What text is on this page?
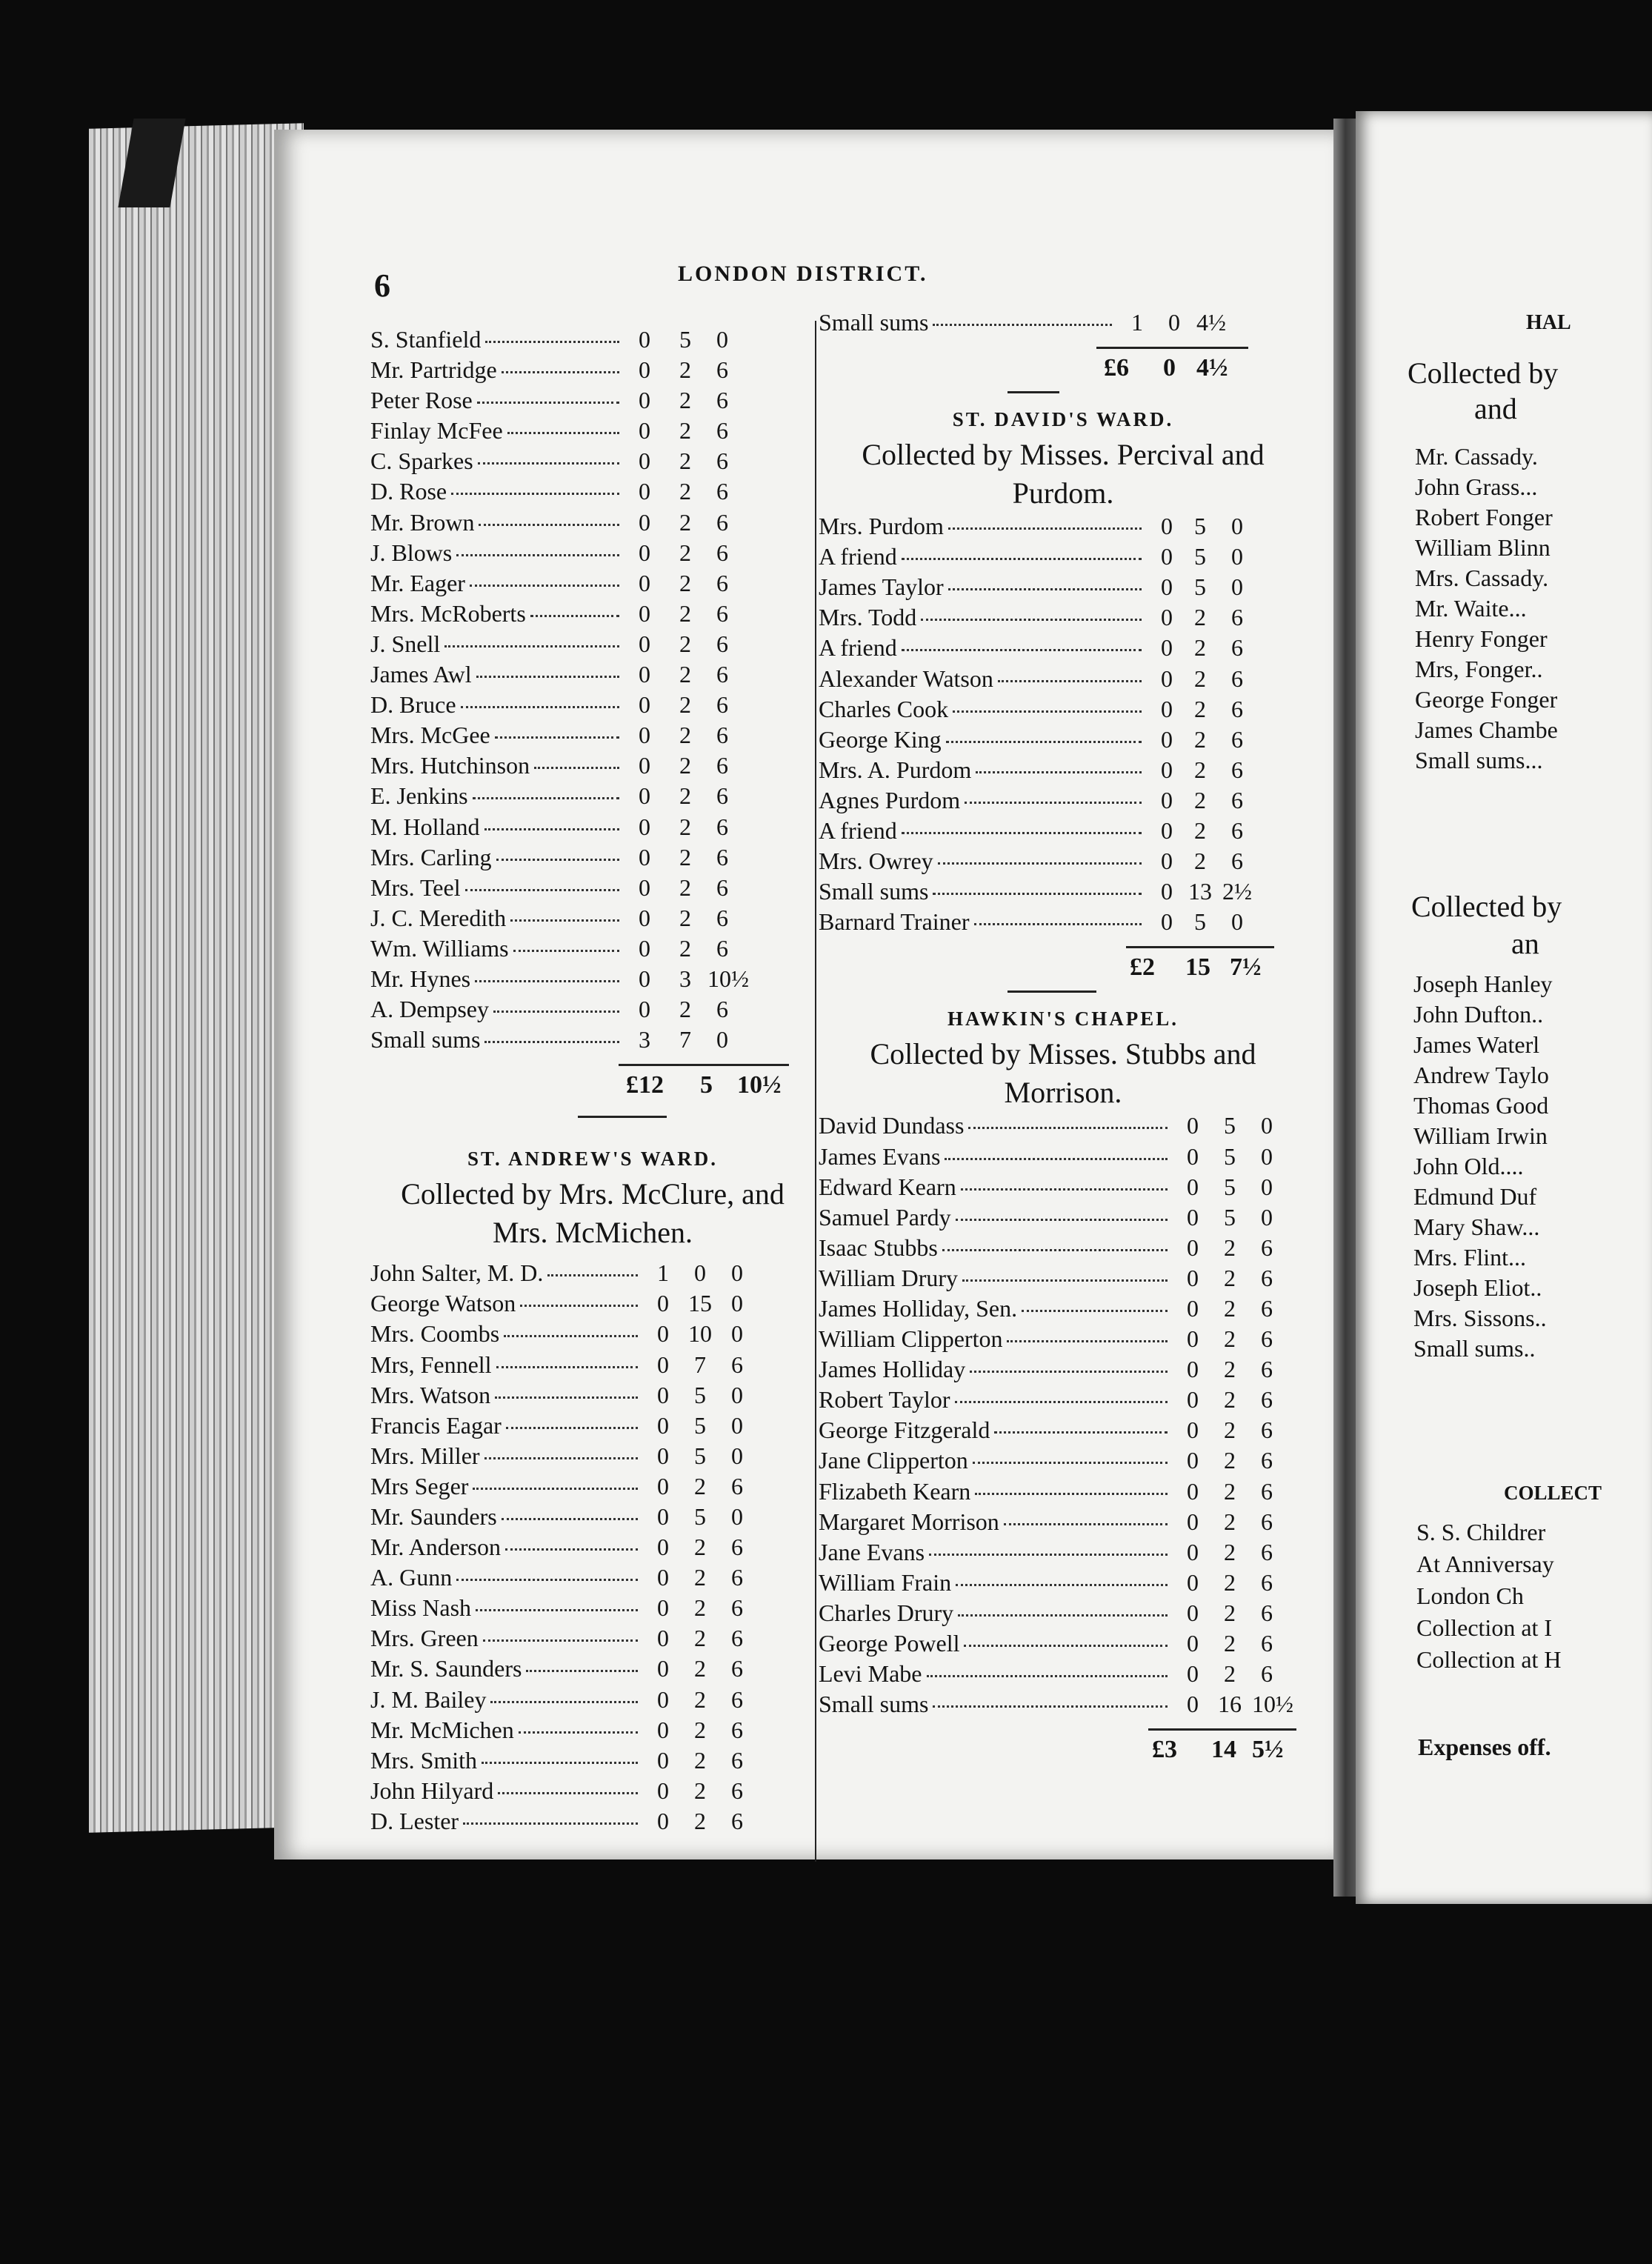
6	LONDON DISTRICT.
S. Stanfield	0	5	0
Mr. Partridge	0	2	6
Peter Rose	0	2	6
Finlay McFee	0	2	6
C. Sparkes	0	2	6
D. Rose	0	2	6
Mr. Brown	0	2	6
J. Blows	0	2	6
Mr. Eager	0	2	6
Mrs. McRoberts	0	2	6
J. Snell	0	2	6
James Awl	0	2	6
D. Bruce	0	2	6
Mrs. McGee	0	2	6
Mrs. Hutchinson	0	2	6
E. Jenkins	0	2	6
M. Holland	0	2	6
Mrs. Carling	0	2	6
Mrs. Teel	0	2	6
J. C. Meredith	0	2	6
Wm. Williams	0	2	6
Mr. Hynes	0	3 10½
A. Dempsey	0	2	6
Small sums	3	7	0
£12 5 10½
ST. ANDREW'S WARD.
Collected by Mrs. McClure, and Mrs. McMichen.
John Salter, M. D.	1	0	0
George Watson	0 15 0
Mrs. Coombs	0 10 0
Mrs, Fennell	0	7	6
Mrs. Watson	0	5	0
Francis Eagar	0	5	0
Mrs. Miller	0	5	0
Mrs Seger	0	2	6
Mr. Saunders	0	5	0
Mr. Anderson	0	2	6
A. Gunn	0	2	6
Miss Nash	0	2	6
Mrs. Green	0	2	6
Mr. S. Saunders	0	2	6
J. M. Bailey	0	2	6
Mr. McMichen	0	2	6
Mrs. Smith	0	2	6
John Hilyard	0	2	6
D. Lester	0	2	6
Small sums	1	0 4½
£6 0 4½
ST. DAVID'S WARD.
Collected by Misses. Percival and Purdom.
Mrs. Purdom	0 5	0
A friend	0 5	0
James Taylor	0 5	0
Mrs. Todd	0 2	6
A friend	0 2	6
Alexander Watson	0 2	6
Charles Cook	0 2	6
George King	0 2	6
Mrs. A. Purdom	0 2	6
Agnes Purdom	0 2	6
A friend	0 2	6
Mrs. Owrey	0 2	6
Small sums	0 13 2½
Barnard Trainer	0 5	0
£2 15 7½
HAWKIN'S CHAPEL.
Collected by Misses. Stubbs and Morrison.
David Dundass	0	5	0
James Evans	0	5	0
Edward Kearn	0	5	0
Samuel Pardy	0	5	0
Isaac Stubbs	0	2	6
William Drury	0	2	6
James Holliday, Sen.	0	2	6
William Clipperton	0	2	6
James Holliday	0	2	6
Robert Taylor	0	2	6
George Fitzgerald	0	2	6
Jane Clipperton	0	2	6
Flizabeth Kearn	0	2	6
Margaret Morrison	0	2	6
Jane Evans	0	2	6
William Frain	0	2	6
Charles Drury	0	2	6
George Powell	0	2	6
Levi Mabe	0	2	6
Small sums	0 16 10½
£3 14 5½
HAL
Collected by
and
Mr. Cassady.
John Grass...
Robert Fonger
William Blinn
Mrs. Cassady.
Mr. Waite...
Henry Fonger
Mrs, Fonger..
George Fonger
James Chambe
Small sums...
Collected by
an
Joseph Hanley
John Dufton..
James Waterl
Andrew Taylo
Thomas Good
William Irwin
John Old....
Edmund Duf
Mary Shaw...
Mrs. Flint...
Joseph Eliot..
Mrs. Sissons..
Small sums..
COLLECT
S. S. Childrer
At Anniversay
London Ch
Collection at I
Collection at H
Expenses off.
